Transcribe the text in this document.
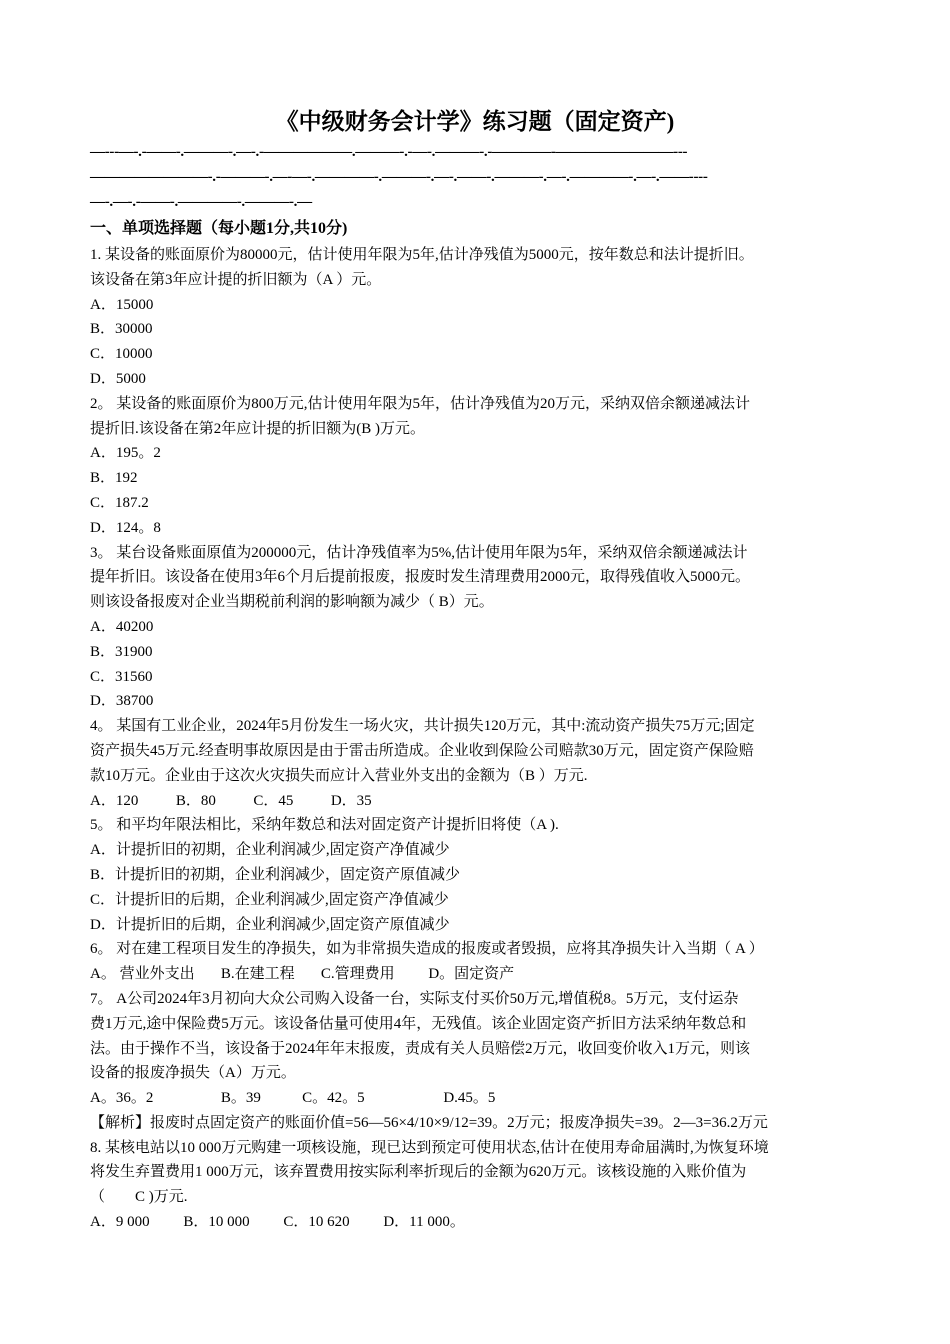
《中级财务会计学》练习题（固定资产)

—---—-.-——-.———-.—-.-——————.———-.-—-.———-.-————-————————---

————————-.-———-.—-—-.————-.———-.—-.——-.———-.—-.————-.—-.——----

—-.—-.-——-.————-.———-.—

一、单项选择题（每小题1分,共10分)

1. 某设备的账面原价为80000元，估计使用年限为5年,估计净残值为5000元，按年数总和法计提折旧。

该设备在第3年应计提的折旧额为（A ）元。

A．15000

B．30000

C．10000

D．5000

2。 某设备的账面原价为800万元,估计使用年限为5年，估计净残值为20万元，采纳双倍余额递减法计

提折旧.该设备在第2年应计提的折旧额为(B )万元。

A．195。2

B．192

C．187.2

D．124。8

3。 某台设备账面原值为200000元，估计净残值率为5%,估计使用年限为5年，采纳双倍余额递减法计

提年折旧。该设备在使用3年6个月后提前报废，报废时发生清理费用2000元，取得残值收入5000元。

则该设备报废对企业当期税前利润的影响额为减少（ B）元。

A．40200

B．31900

C．31560

D．38700

4。 某国有工业企业，2024年5月份发生一场火灾，共计损失120万元，其中:流动资产损失75万元;固定

资产损失45万元.经查明事故原因是由于雷击所造成。企业收到保险公司赔款30万元，固定资产保险赔

款10万元。企业由于这次火灾损失而应计入营业外支出的金额为（B ）万元.

A．120          B．80          C．45          D．35

5。 和平均年限法相比，采纳年数总和法对固定资产计提折旧将使（A ).

A．计提折旧的初期，企业利润减少,固定资产净值减少

B．计提折旧的初期，企业利润减少，固定资产原值减少

C．计提折旧的后期，企业利润减少,固定资产净值减少

D．计提折旧的后期，企业利润减少,固定资产原值减少

6。 对在建工程项目发生的净损失，如为非常损失造成的报废或者毁损，应将其净损失计入当期（ A ）

A。 营业外支出       B.在建工程       C.管理费用         D。固定资产

7。 A公司2024年3月初向大众公司购入设备一台，实际支付买价50万元,增值税8。5万元，支付运杂

费1万元,途中保险费5万元。该设备估量可使用4年，无残值。该企业固定资产折旧方法采纳年数总和

法。由于操作不当，该设备于2024年年末报废，责成有关人员赔偿2万元，收回变价收入1万元，则该

设备的报废净损失（A）万元。

A。36。2                  B。39           C。42。5                     D.45。5

【解析】报废时点固定资产的账面价值=56—56×4/10×9/12=39。2万元；报废净损失=39。2—3=36.2万元

8. 某核电站以10 000万元购建一项核设施，现已达到预定可使用状态,估计在使用寿命届满时,为恢复环境

将发生弃置费用1 000万元，该弃置费用按实际利率折现后的金额为620万元。该核设施的入账价值为

（        C )万元.

A．9 000         B．10 000         C．10 620         D．11 000。
